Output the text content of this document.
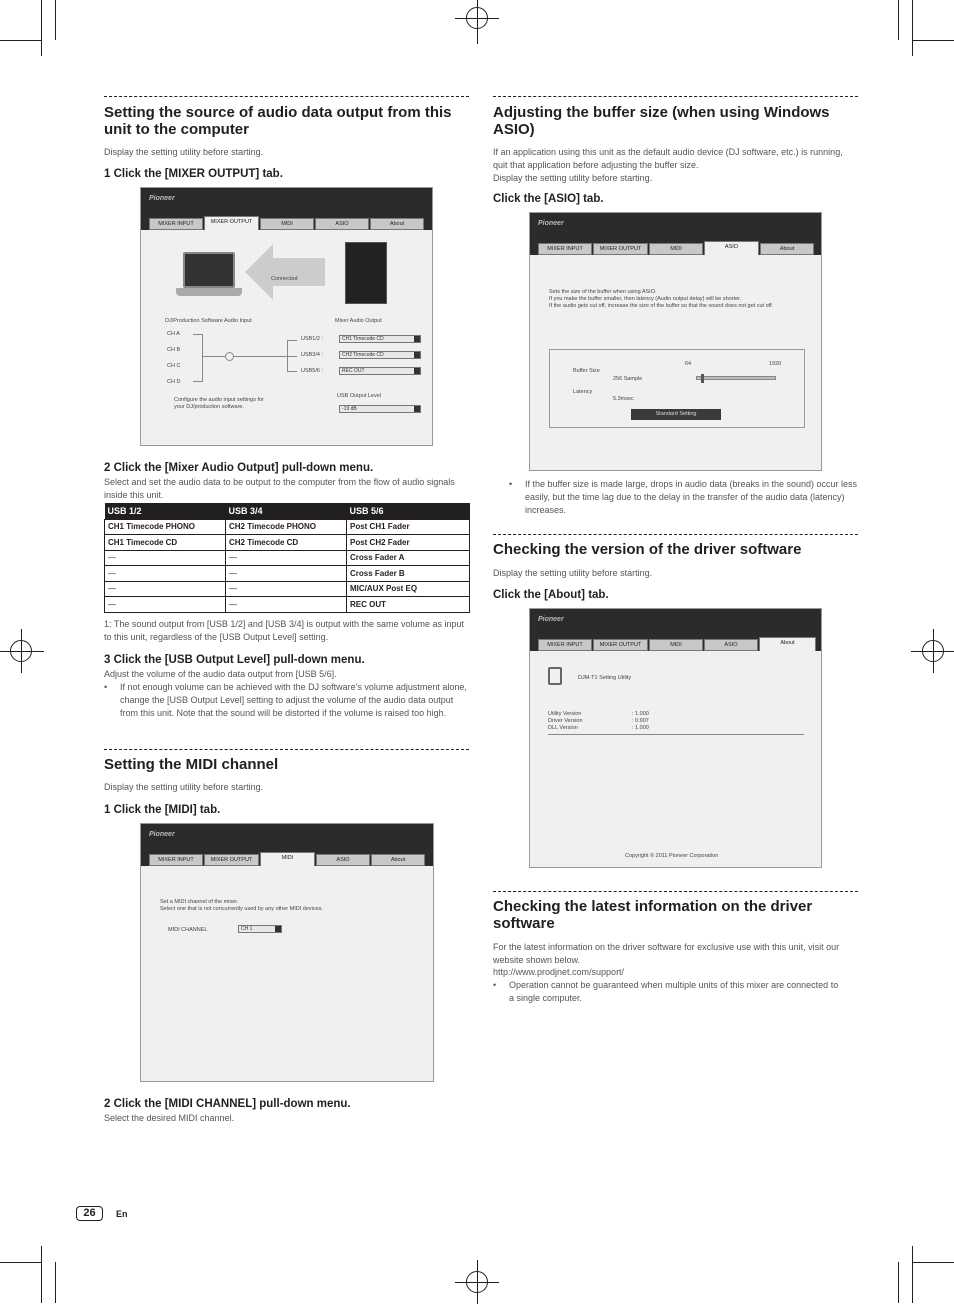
Setting the source of audio data output from this unit to the computer
Display the setting utility before starting.
1 Click the [MIXER OUTPUT] tab.
Pioneer
MIXER INPUT	MIXER OUTPUT	MIDI	ASIO	About
Connected
DJ/Production Software Audio Input	Mixer Audio Output
CH A
CH B
CH C
CH D
USB1/2 :
USB3/4 :
USB5/6 :
CH1 Timecode CD
CH2 Timecode CD
REC OUT
Configure the audio input settings for your DJ/production software.
USB Output Level
-19 dB
2 Click the [Mixer Audio Output] pull-down menu.
Select and set the audio data to be output to the computer from the flow of audio signals inside this unit.
USB 1/2	USB 3/4	USB 5/6
CH1 Timecode PHONO	CH2 Timecode PHONO	Post CH1 Fader
CH1 Timecode CD	CH2 Timecode CD	Post CH2 Fader
—	—	Cross Fader A
—	—	Cross Fader B
—	—	MIC/AUX Post EQ
—	—	REC OUT
1: The sound output from [USB 1/2] and [USB 3/4] is output with the same volume as input to this unit, regardless of the [USB Output Level] setting.
3 Click the [USB Output Level] pull-down menu.
Adjust the volume of the audio data output from [USB 5/6].
• If not enough volume can be achieved with the DJ software's volume adjustment alone, change the [USB Output Level] setting to adjust the volume of the audio data output from this unit. Note that the sound will be distorted if the volume is raised too high.
Setting the MIDI channel
Display the setting utility before starting.
1 Click the [MIDI] tab.
Pioneer
MIXER INPUT	MIXER OUTPUT	MIDI	ASIO	About
Set a MIDI channel of the mixer.
Select one that is not concurrently used by any other MIDI devices.
MIDI CHANNEL	CH 1
2 Click the [MIDI CHANNEL] pull-down menu.
Select the desired MIDI channel.
Adjusting the buffer size (when using Windows ASIO)
If an application using this unit as the default audio device (DJ software, etc.) is running, quit that application before adjusting the buffer size.
Display the setting utility before starting.
Click the [ASIO] tab.
Pioneer
MIXER INPUT	MIXER OUTPUT	MIDI	ASIO	About
Sets the size of the buffer when using ASIO.
If you make the buffer smaller, then latency (Audio output delay) will be shorter.
If the audio gets cut off, increase the size of the buffer so that the sound does not get cut off.
Buffer Size
64	1920
256 Sample
Latency
5.3msec
Standard Setting
• If the buffer size is made large, drops in audio data (breaks in the sound) occur less easily, but the time lag due to the delay in the transfer of the audio data (latency) increases.
Checking the version of the driver software
Display the setting utility before starting.
Click the [About] tab.
Pioneer
MIXER INPUT	MIXER OUTPUT	MIDI	ASIO	About
DJM-T1 Setting Utility
Utility Version	: 1.000
Driver Version	: 0.907
DLL Version	: 1.000
Copyright © 2011 Pioneer Corporation
Checking the latest information on the driver software
For the latest information on the driver software for exclusive use with this unit, visit our website shown below.
http://www.prodjnet.com/support/
• Operation cannot be guaranteed when multiple units of this mixer are connected to a single computer.
26	En
